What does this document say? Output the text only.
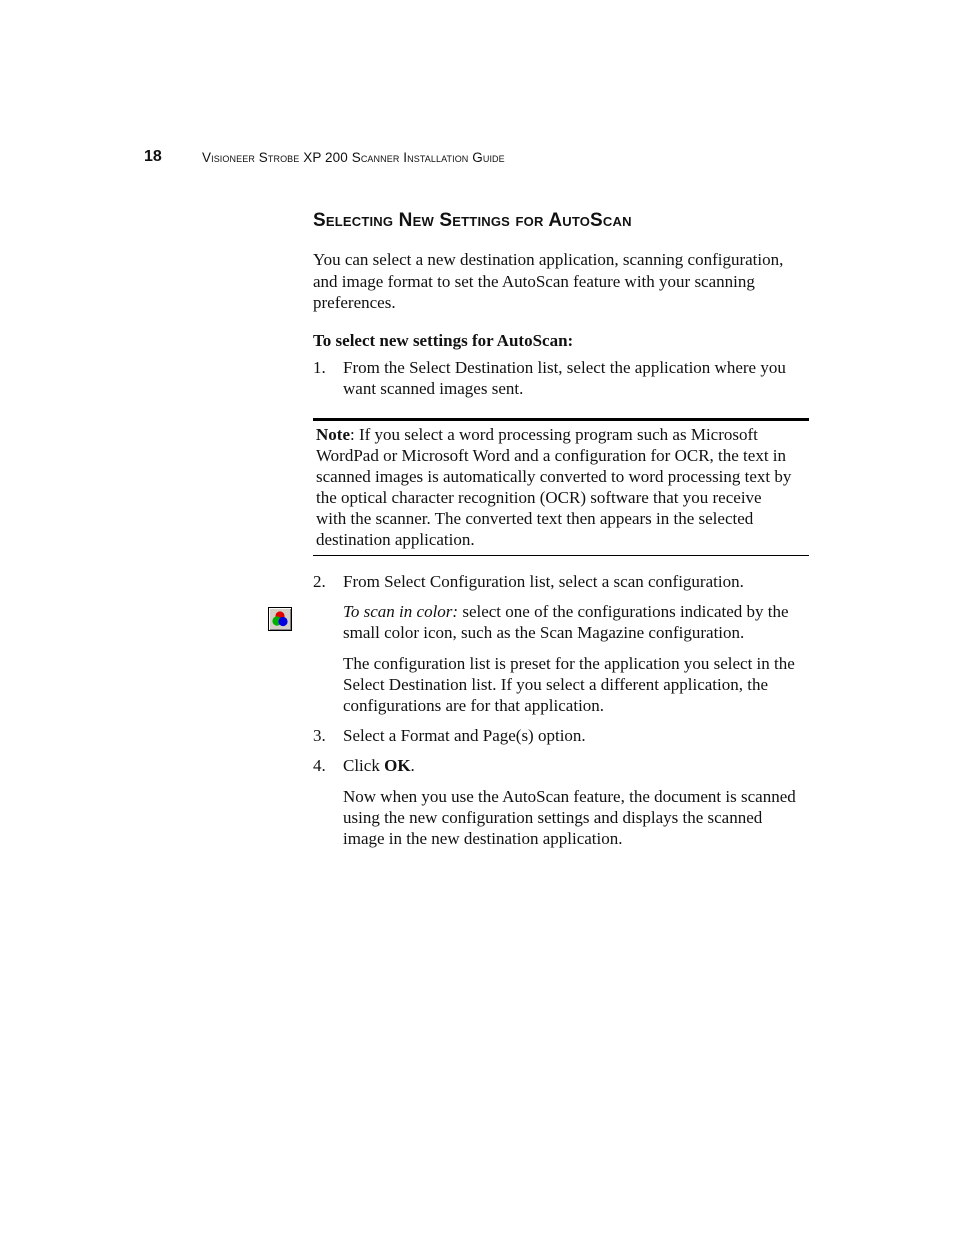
18	Visioneer Strobe XP 200 Scanner Installation Guide
Selecting New Settings for AutoScan

You can select a new destination application, scanning configuration, and image format to set the AutoScan feature with your scanning preferences.

To select new settings for AutoScan:
1. From the Select Destination list, select the application where you want scanned images sent.

Note: If you select a word processing program such as Microsoft WordPad or Microsoft Word and a configuration for OCR, the text in scanned images is automatically converted to word processing text by the optical character recognition (OCR) software that you receive with the scanner. The converted text then appears in the selected destination application.

2. From Select Configuration list, select a scan configuration.

To scan in color: select one of the configurations indicated by the small color icon, such as the Scan Magazine configuration.

The configuration list is preset for the application you select in the Select Destination list. If you select a different application, the configurations are for that application.

3. Select a Format and Page(s) option.
4. Click OK.

Now when you use the AutoScan feature, the document is scanned using the new configuration settings and displays the scanned image in the new destination application.
